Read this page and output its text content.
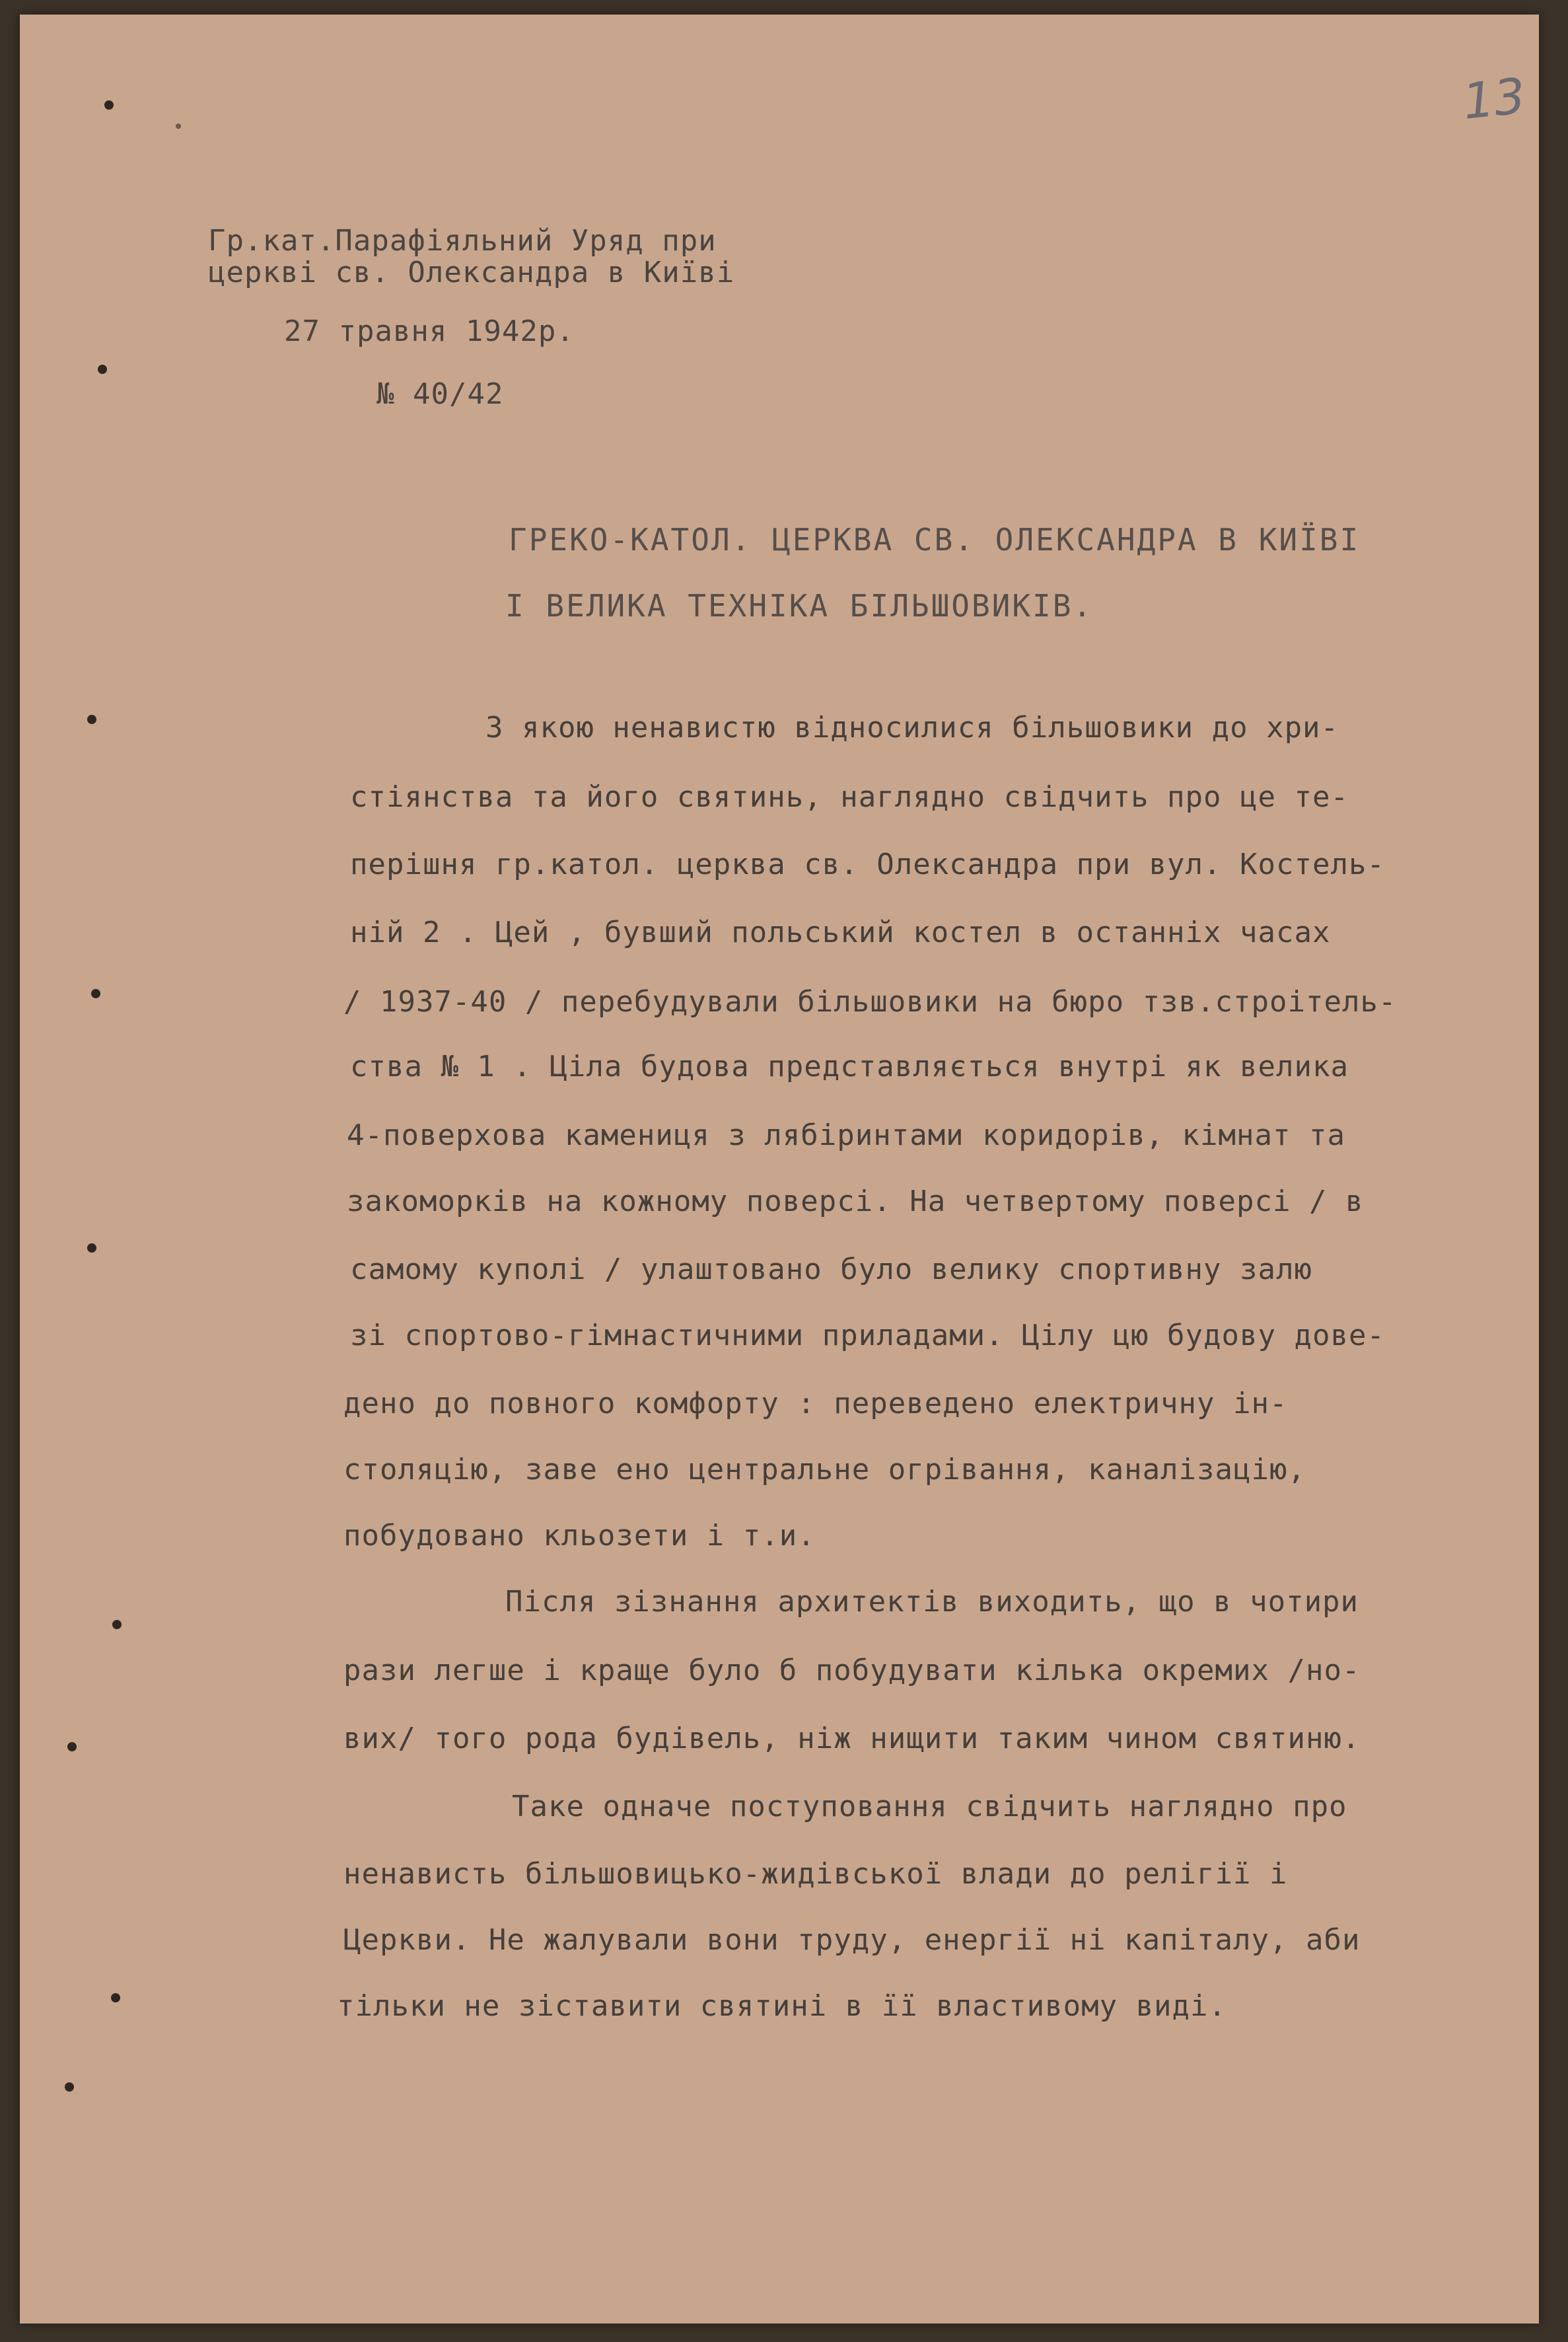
13
Гр.кат.Парафіяльний Уряд при
церкві св. Олександра в Київі
27 травня 1942р.
№ 40/42
ГРЕКО-КАТОЛ. ЦЕРКВА СВ. ОЛЕКСАНДРА В КИЇВІ
І ВЕЛИКА ТЕХНІКА БІЛЬШОВИКІВ.
З якою ненавистю відносилися більшовики до хри-
стіянства та його святинь, наглядно свідчить про це те-
перішня гр.катол. церква св. Олександра при вул. Костель-
ній 2 . Цей , бувший польський костел в останніх часах
/ 1937-40 / перебудували більшовики на бюро тзв.строітель-
ства № 1 . Ціла будова представляється внутрі як велика
4-поверхова камениця з лябіринтами коридорів, кімнат та
закоморків на кожному поверсі. На четвертому поверсі / в
самому куполі / улаштовано було велику спортивну залю
зі спортово-гімнастичними приладами. Цілу цю будову дове-
дено до повного комфорту : переведено електричну ін-
столяцію, заве ено центральне огрівання, каналізацію,
побудовано кльозети і т.и.
Після зізнання архитектів виходить, що в чотири
рази легше і краще було б побудувати кілька окремих /но-
вих/ того рода будівель, ніж нищити таким чином святиню.
Таке одначе поступовання свідчить наглядно про
ненависть більшовицько-жидівської влади до релігії і
Церкви. Не жалували вони труду, енергії ні капіталу, аби
тільки не зіставити святині в її властивому виді.
